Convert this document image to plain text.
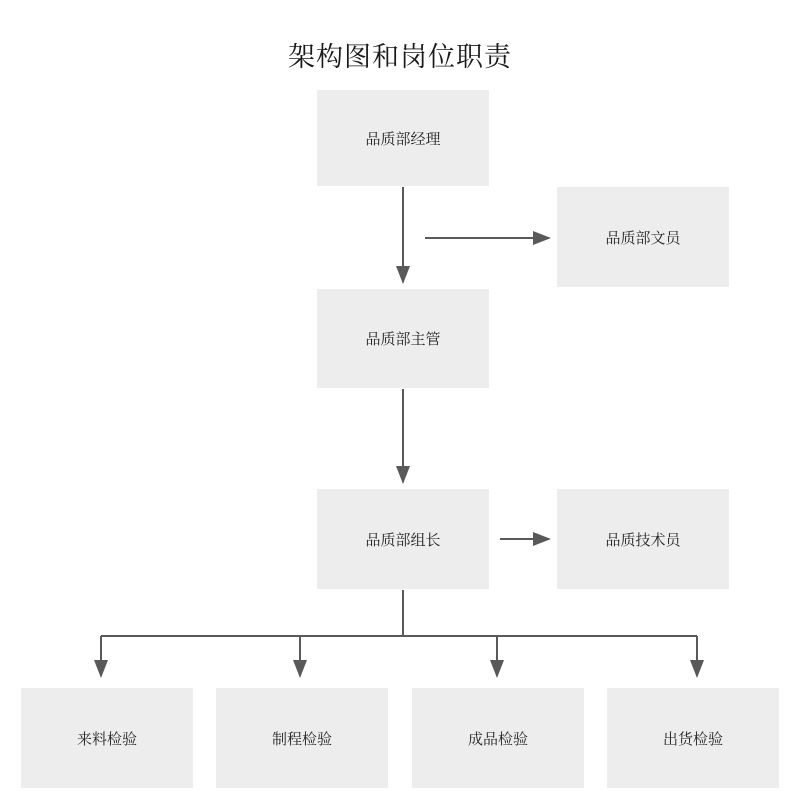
架构图和岗位职责
品质部经理
品质部文员
品质部主管
品质部组长	品质技术员
来料检验	制程检验	成品检验	出货检验
